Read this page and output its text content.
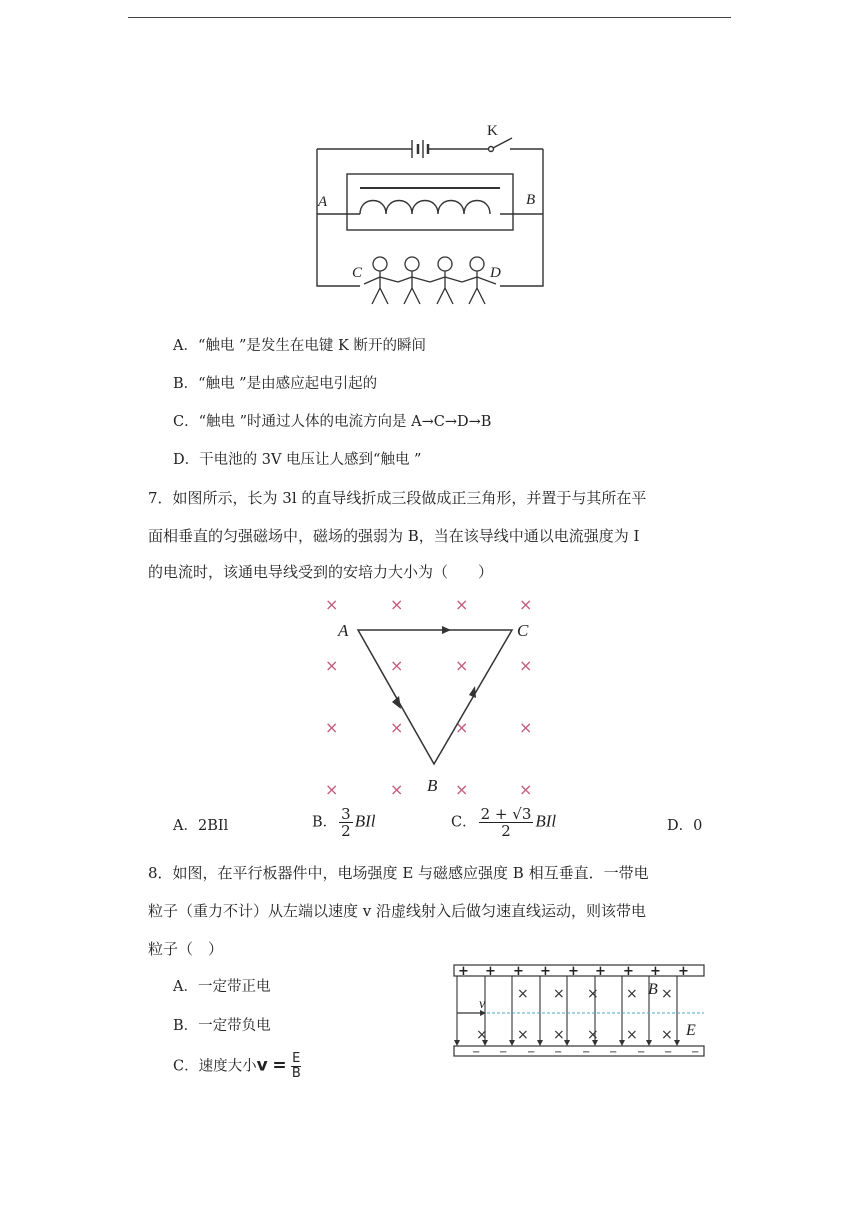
K
A	B
C	D
A．“触电 ”是发生在电键 K 断开的瞬间
B．“触电 ”是由感应起电引起的
C．“触电 ”时通过人体的电流方向是 A→C→D→B
D．干电池的 3V 电压让人感到“触电 ”
7．如图所示，长为 3l 的直导线折成三段做成正三角形，并置于与其所在平
面相垂直的匀强磁场中，磁场的强弱为 B，当在该导线中通以电流强度为 I
的电流时，该通电导线受到的安培力大小为（　　）
×	×	×	×
×	×	×	×
×	×	×	×
×	×	×	×
A	C
B
A．2BIl	B． $\frac{3}{2}$ BIl	C． $\frac{2 + √3}{2}$ BIl	D．0
8．如图，在平行板器件中，电场强度 E 与磁感应强度 B 相互垂直．一带电
粒子（重力不计）从左端以速度 v 沿虚线射入后做匀速直线运动，则该带电
粒子（　）
A．一定带正电
B．一定带负电
C．速度大小$v = \frac{E}{B}$
+ + + + + + + + +
− − − − − − − − −
× × × × ×
× × × × × ×
v
B
E
